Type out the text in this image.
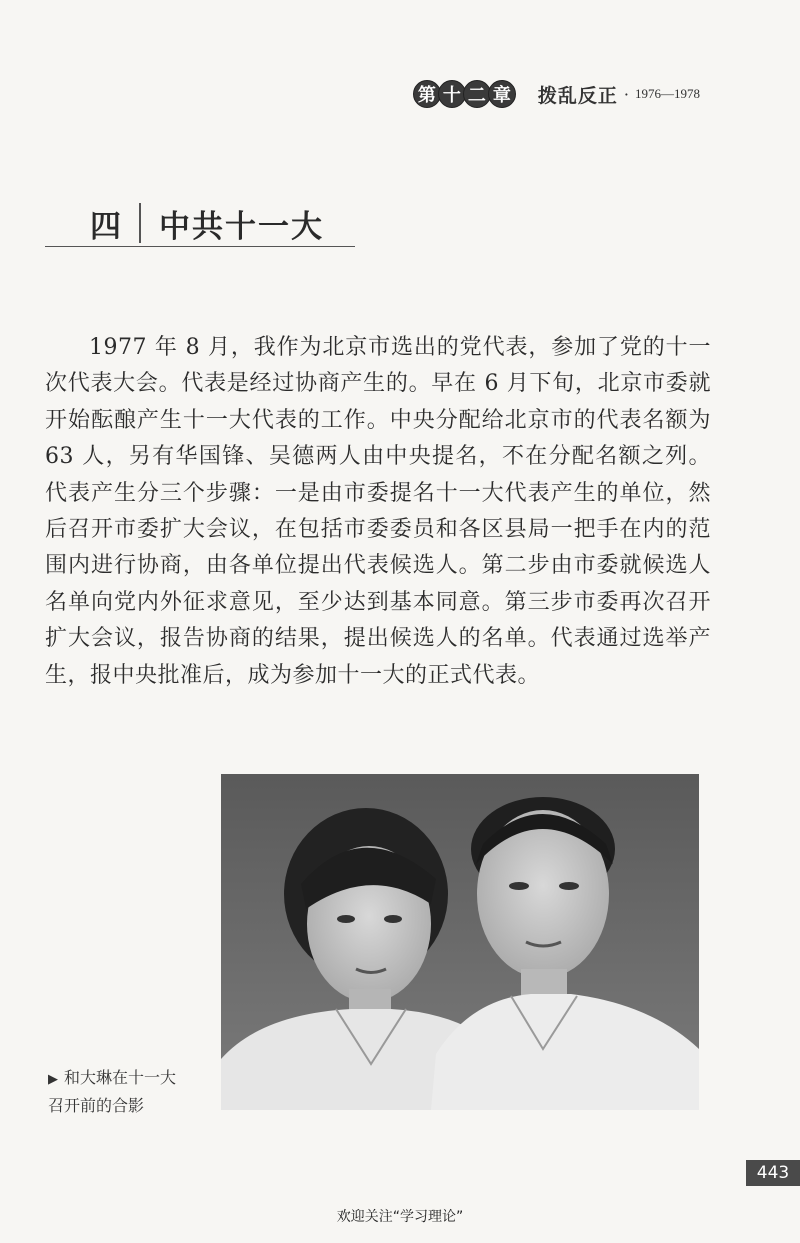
第 十 二 章 拨乱反正 · 1976—1978
四 中共十一大

1977 年 8 月，我作为北京市选出的党代表，参加了党的十一次代表大会。代表是经过协商产生的。早在 6 月下旬，北京市委就开始酝酿产生十一大代表的工作。中央分配给北京市的代表名额为 63 人，另有华国锋、吴德两人由中央提名，不在分配名额之列。代表产生分三个步骤：一是由市委提名十一大代表产生的单位，然后召开市委扩大会议，在包括市委委员和各区县局一把手在内的范围内进行协商，由各单位提出代表候选人。第二步由市委就候选人名单向党内外征求意见，至少达到基本同意。第三步市委再次召开扩大会议，报告协商的结果，提出候选人的名单。代表通过选举产生，报中央批准后，成为参加十一大的正式代表。

▶ 和大琳在十一大
召开前的合影
443
欢迎关注“学习理论”
